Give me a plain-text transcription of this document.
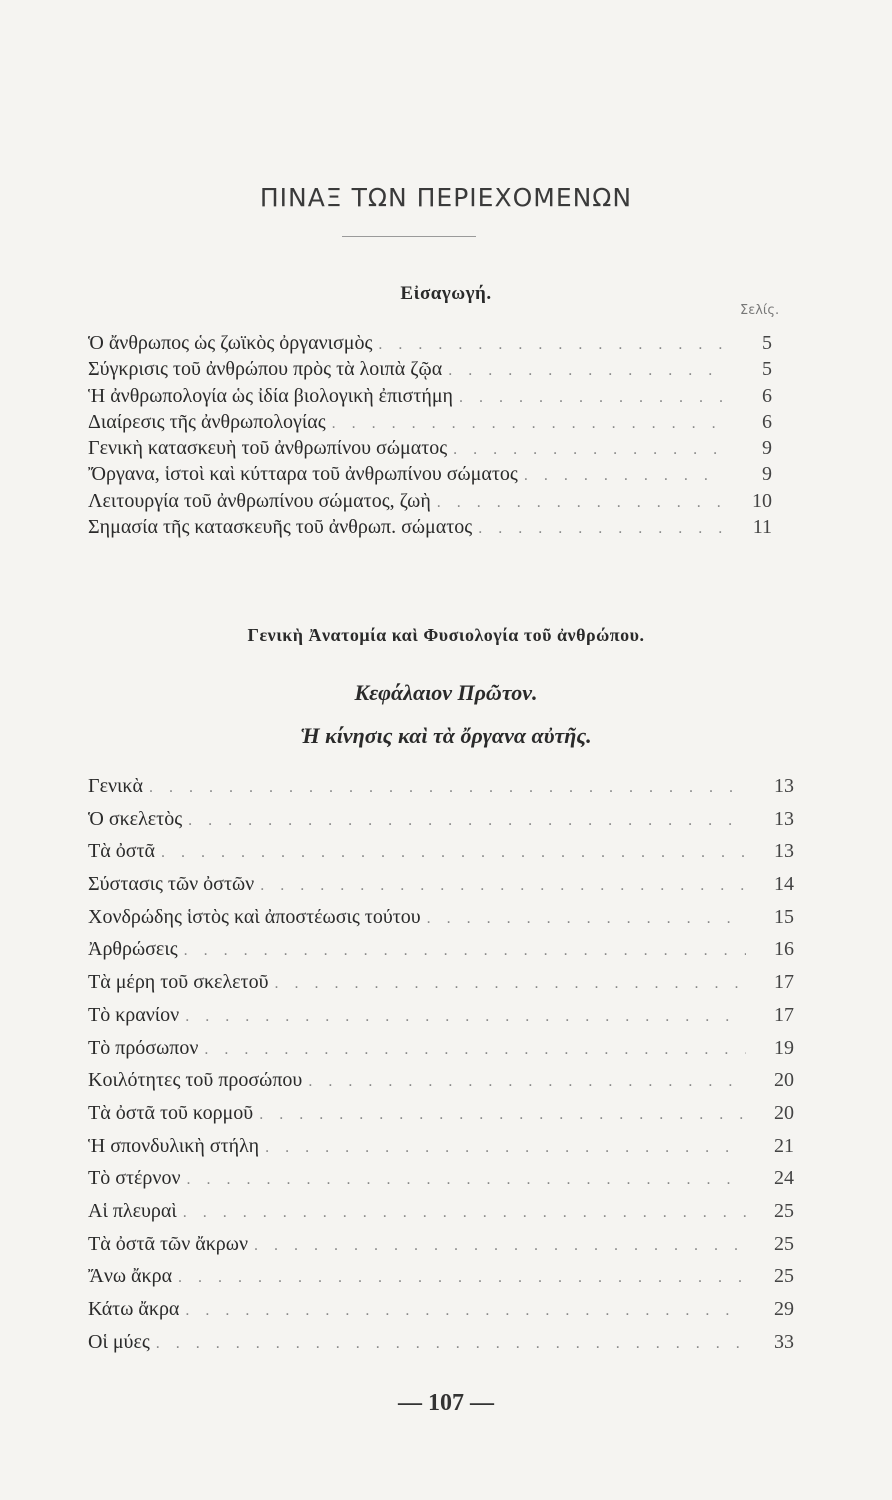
ΠΙΝΑΞ ΤΩΝ ΠΕΡΙΕΧΟΜΕΝΩΝ
Εἰσαγωγή.
Σελίς.
Ὁ ἄνθρωπος ὡς ζωϊκὸς ὀργανισμὸς . . .	5
Σύγκρισις τοῦ ἀνθρώπου πρὸς τὰ λοιπὰ ζῷα . . .	5
Ἡ ἀνθρωπολογία ὡς ἰδία βιολογικὴ ἐπιστήμη . . .	6
Διαίρεσις τῆς ἀνθρωπολογίας . . .	6
Γενικὴ κατασκευὴ τοῦ ἀνθρωπίνου σώματος . . .	9
Ὄργανα, ἱστοὶ καὶ κύτταρα τοῦ ἀνθρωπίνου σώματος . . .	9
Λειτουργία τοῦ ἀνθρωπίνου σώματος, ζωὴ . . .	10
Σημασία τῆς κατασκευῆς τοῦ ἀνθρωπ. σώματος . . .	11
Γενικὴ Ἀνατομία καὶ Φυσιολογία τοῦ ἀνθρώπου.
Κεφάλαιον Πρῶτον.
Ἡ κίνησις καὶ τὰ ὄργανα αὐτῆς.
Γενικὰ . . .	13
Ὁ σκελετὸς . . .	13
Τὰ ὀστᾶ . . .	13
Σύστασις τῶν ὀστῶν . . .	14
Χονδρώδης ἱστὸς καὶ ἀποστέωσις τούτου . . .	15
Ἀρθρώσεις . . .	16
Τὰ μέρη τοῦ σκελετοῦ . . .	17
Τὸ κρανίον . . .	17
Τὸ πρόσωπον . . .	19
Κοιλότητες τοῦ προσώπου . . .	20
Τὰ ὀστᾶ τοῦ κορμοῦ . . .	20
Ἡ σπονδυλικὴ στήλη . . .	21
Τὸ στέρνον . . .	24
Αἱ πλευραὶ . . .	25
Τὰ ὀστᾶ τῶν ἄκρων . . .	25
Ἄνω ἄκρα . . .	25
Κάτω ἄκρα . . .	29
Οἱ μύες . . .	33
— 107 —
